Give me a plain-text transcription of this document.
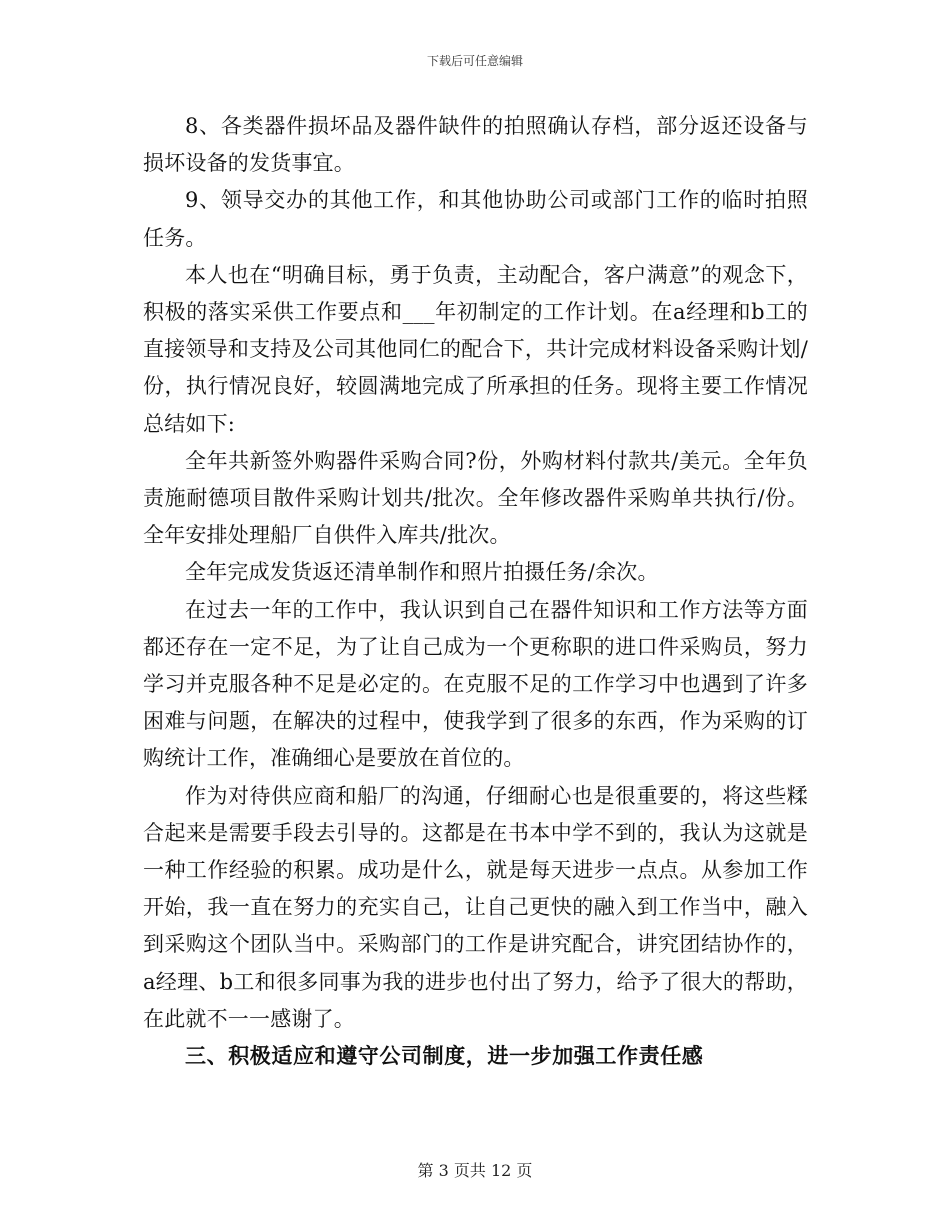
下载后可任意编辑

8、各类器件损坏品及器件缺件的拍照确认存档，部分返还设备与损坏设备的发货事宜。

9、领导交办的其他工作，和其他协助公司或部门工作的临时拍照任务。

本人也在“明确目标，勇于负责，主动配合，客户满意”的观念下，积极的落实采供工作要点和___年初制定的工作计划。在a经理和b工的直接领导和支持及公司其他同仁的配合下，共计完成材料设备采购计划/份，执行情况良好，较圆满地完成了所承担的任务。现将主要工作情况总结如下:

全年共新签外购器件采购合同?份，外购材料付款共/美元。全年负责施耐德项目散件采购计划共/批次。全年修改器件采购单共执行/份。全年安排处理船厂自供件入库共/批次。

全年完成发货返还清单制作和照片拍摄任务/余次。

在过去一年的工作中，我认识到自己在器件知识和工作方法等方面都还存在一定不足，为了让自己成为一个更称职的进口件采购员，努力学习并克服各种不足是必定的。在克服不足的工作学习中也遇到了许多困难与问题，在解决的过程中，使我学到了很多的东西，作为采购的订购统计工作，准确细心是要放在首位的。

作为对待供应商和船厂的沟通，仔细耐心也是很重要的，将这些糅合起来是需要手段去引导的。这都是在书本中学不到的，我认为这就是一种工作经验的积累。成功是什么，就是每天进步一点点。从参加工作开始，我一直在努力的充实自己，让自己更快的融入到工作当中，融入到采购这个团队当中。采购部门的工作是讲究配合，讲究团结协作的，a经理、b工和很多同事为我的进步也付出了努力，给予了很大的帮助，在此就不一一感谢了。

三、积极适应和遵守公司制度，进一步加强工作责任感

第 3 页共 12 页
